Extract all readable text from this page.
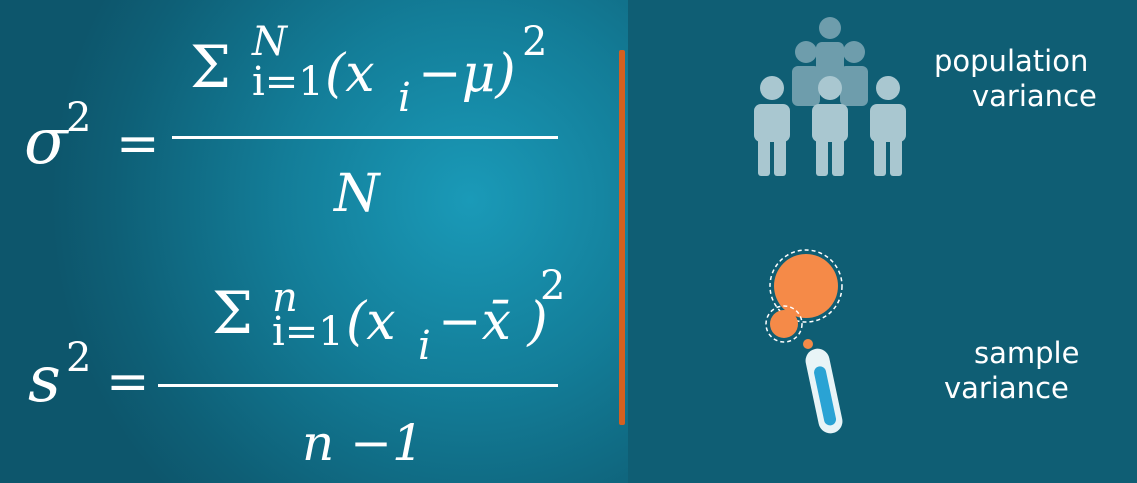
σ
2 =
Σ N
i=1 (x i −μ)
2
N
s 2 =
Σ n
i=1 (x i −x̄ )
2
n −1
population
variance
sample
variance
